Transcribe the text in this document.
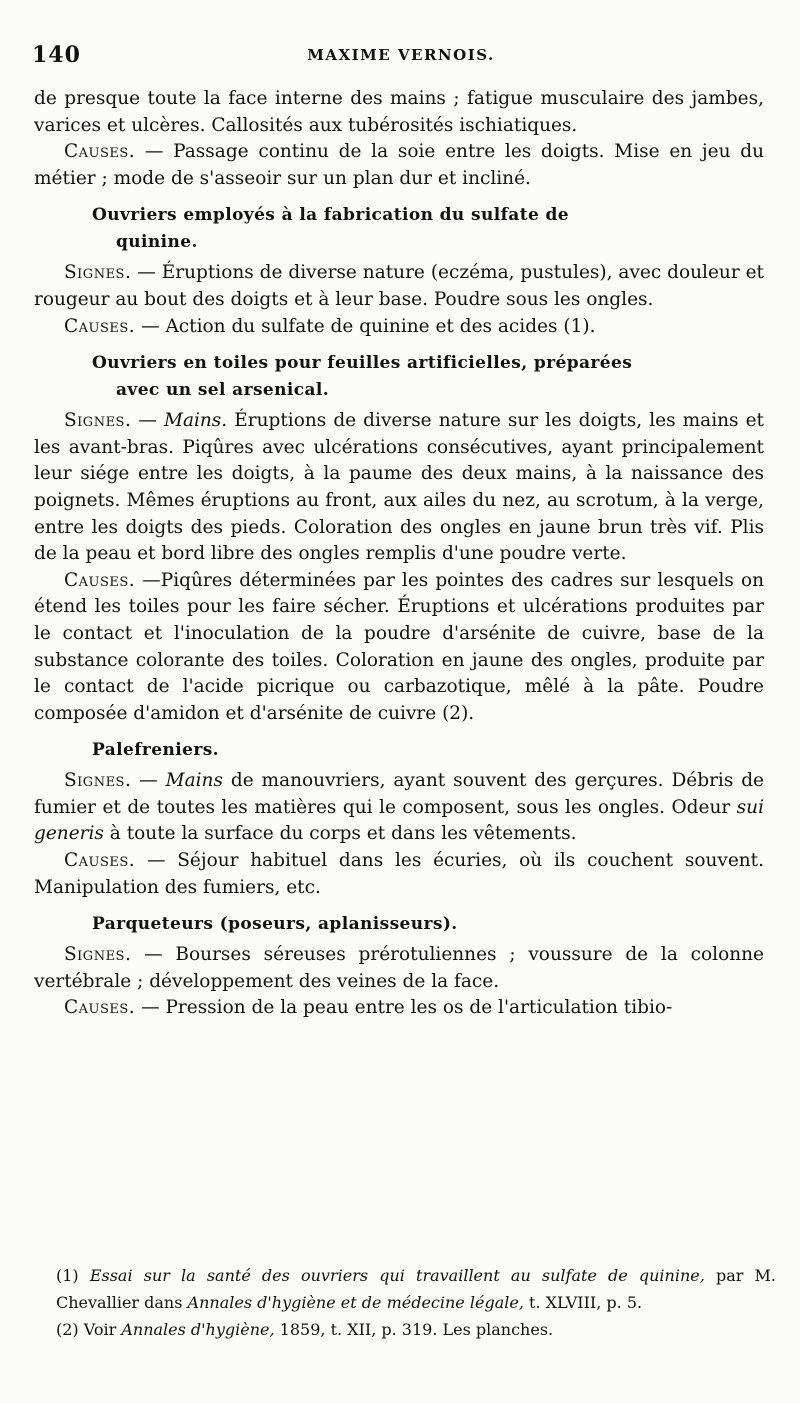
140	MAXIME VERNOIS.

de presque toute la face interne des mains ; fatigue musculaire des jambes, varices et ulcères. Callosités aux tubérosités ischiatiques.

Causes. — Passage continu de la soie entre les doigts. Mise en jeu du métier ; mode de s'asseoir sur un plan dur et incliné.

Ouvriers employés à la fabrication du sulfate de
quinine.

Signes. — Éruptions de diverse nature (eczéma, pustules), avec douleur et rougeur au bout des doigts et à leur base. Poudre sous les ongles.

Causes. — Action du sulfate de quinine et des acides (1).

Ouvriers en toiles pour feuilles artificielles, préparées
avec un sel arsenical.

Signes. — Mains. Éruptions de diverse nature sur les doigts, les mains et les avant-bras. Piqûres avec ulcérations consécutives, ayant principalement leur siége entre les doigts, à la paume des deux mains, à la naissance des poignets. Mêmes éruptions au front, aux ailes du nez, au scrotum, à la verge, entre les doigts des pieds. Coloration des ongles en jaune brun très vif. Plis de la peau et bord libre des ongles remplis d'une poudre verte.

Causes. —Piqûres déterminées par les pointes des cadres sur lesquels on étend les toiles pour les faire sécher. Éruptions et ulcérations produites par le contact et l'inoculation de la poudre d'arsénite de cuivre, base de la substance colorante des toiles. Coloration en jaune des ongles, produite par le contact de l'acide picrique ou carbazotique, mêlé à la pâte. Poudre composée d'amidon et d'arsénite de cuivre (2).

Palefreniers.

Signes. — Mains de manouvriers, ayant souvent des gerçures. Débris de fumier et de toutes les matières qui le composent, sous les ongles. Odeur sui generis à toute la surface du corps et dans les vêtements.

Causes. — Séjour habituel dans les écuries, où ils couchent souvent. Manipulation des fumiers, etc.

Parqueteurs (poseurs, aplanisseurs).

Signes. — Bourses séreuses prérotuliennes ; voussure de la colonne vertébrale ; développement des veines de la face.

Causes. — Pression de la peau entre les os de l'articulation tibio-

(1) Essai sur la santé des ouvriers qui travaillent au sulfate de quinine, par M. Chevallier dans Annales d'hygiène et de médecine légale, t. XLVIII, p. 5.

(2) Voir Annales d'hygiène, 1859, t. XII, p. 319. Les planches.
